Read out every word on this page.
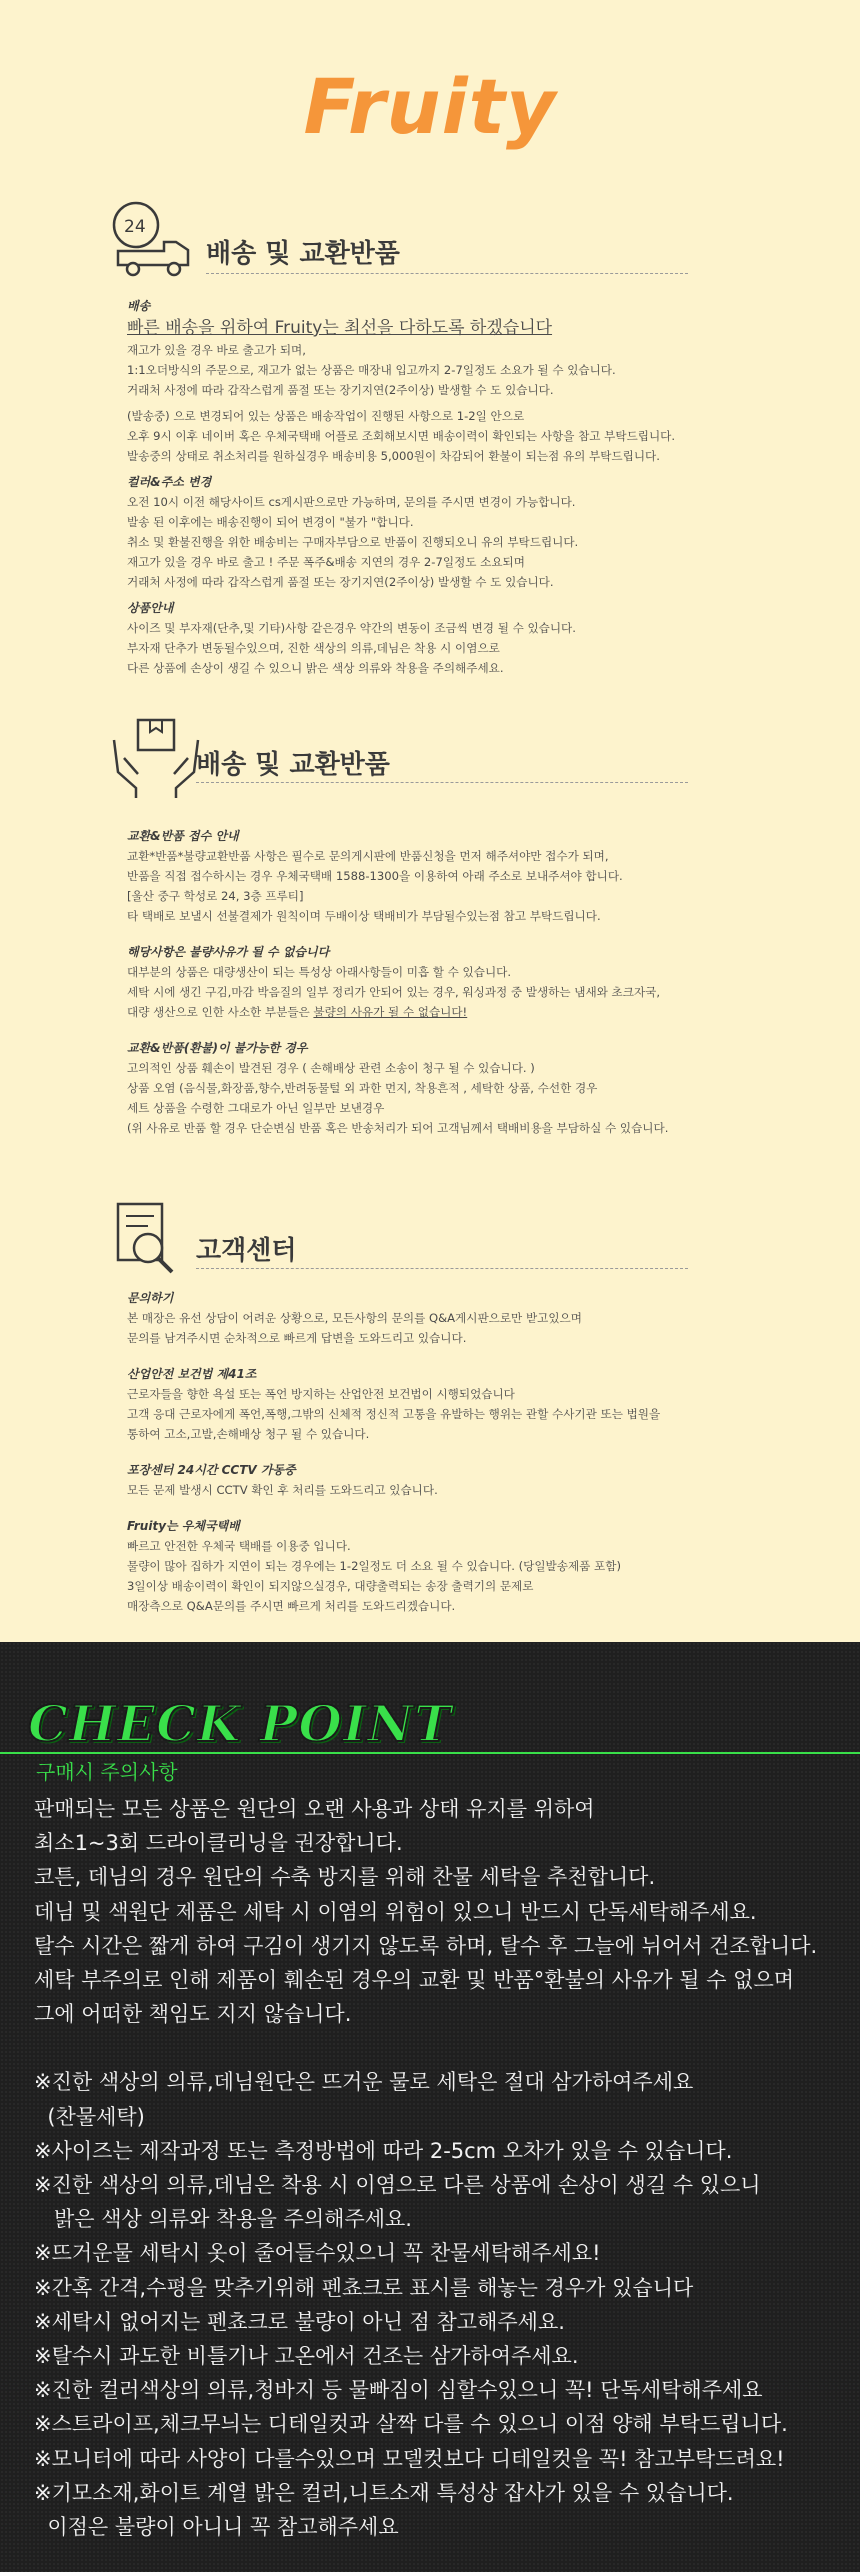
Fruity
24
배송 및 교환반품
배송

빠른 배송을 위하여 Fruity는 최선을 다하도록 하겠습니다

재고가 있을 경우 바로 출고가 되며,

1:1오더방식의 주문으로, 재고가 없는 상품은 매장내 입고까지 2-7일정도 소요가 될 수 있습니다.

거래처 사정에 따라 갑작스럽게 품절 또는 장기지연(2주이상) 발생할 수 도 있습니다.

(발송중) 으로 변경되어 있는 상품은 배송작업이 진행된 사항으로 1-2일 안으로

오후 9시 이후 네이버 혹은 우체국택배 어플로 조회해보시면 배송이력이 확인되는 사항을 참고 부탁드립니다.

발송중의 상태로 취소처리를 원하실경우 배송비용 5,000원이 차감되어 환불이 되는점 유의 부탁드립니다.

컬러&주소 변경

오전 10시 이전 해당사이트 cs게시판으로만 가능하며, 문의를 주시면 변경이 가능합니다.

발송 된 이후에는 배송진행이 되어 변경이 "불가 "합니다.

취소 및 환불진행을 위한 배송비는 구매자부담으로 반품이 진행되오니 유의 부탁드립니다.

재고가 있을 경우 바로 출고 ! 주문 폭주&배송 지연의 경우 2-7일정도 소요되며

거래처 사정에 따라 갑작스럽게 품절 또는 장기지연(2주이상) 발생할 수 도 있습니다.

상품안내

사이즈 및 부자재(단추,및 기타)사항 같은경우 약간의 변동이 조금씩 변경 될 수 있습니다.

부자재 단추가 변동될수있으며, 진한 색상의 의류,데님은 착용 시 이염으로

다른 상품에 손상이 생길 수 있으니 밝은 색상 의류와 착용을 주의해주세요.

배송 및 교환반품
교환&반품 접수 안내

교환*반품*불량교환반품 사항은 필수로 문의게시판에 반품신청을 먼저 해주셔야만 접수가 되며,

반품을 직접 접수하시는 경우 우체국택배 1588-1300을 이용하여 아래 주소로 보내주셔야 합니다.

[울산 중구 학성로 24, 3층 프루티]

타 택배로 보낼시 선불결제가 원칙이며 두배이상 택배비가 부담될수있는점 참고 부탁드립니다.

해당사항은 불량사유가 될 수 없습니다

대부분의 상품은 대량생산이 되는 특성상 아래사항들이 미흡 할 수 있습니다.

세탁 시에 생긴 구김,마감 박음질의 일부 정리가 안되어 있는 경우, 워싱과정 중 발생하는 냄새와 초크자국,

대량 생산으로 인한 사소한 부분들은 불량의 사유가 될 수 없습니다!

교환&반품(환불)이 불가능한 경우

고의적인 상품 훼손이 발견된 경우 ( 손해배상 관련 소송이 청구 될 수 있습니다. )

상품 오염 (음식물,화장품,향수,반려동물털 외 과한 먼지, 착용흔적 , 세탁한 상품, 수선한 경우

세트 상품을 수령한 그대로가 아닌 일부만 보낸경우

(위 사유로 반품 할 경우 단순변심 반품 혹은 반송처리가 되어 고객님께서 택배비용을 부담하실 수 있습니다.

고객센터
문의하기

본 매장은 유선 상담이 어려운 상황으로, 모든사항의 문의를 Q&A게시판으로만 받고있으며

문의를 남겨주시면 순차적으로 빠르게 답변을 도와드리고 있습니다.

산업안전 보건법 제41조

근로자들을 향한 욕설 또는 폭언 방지하는 산업안전 보건법이 시행되었습니다

고객 응대 근로자에게 폭언,폭행,그밖의 신체적 정신적 고통을 유발하는 행위는 관할 수사기관 또는 법원을

통하여 고소,고발,손해배상 청구 될 수 있습니다.

포장센터 24시간 CCTV 가동중

모든 문제 발생시 CCTV 확인 후 처리를 도와드리고 있습니다.

Fruity는 우체국택배

빠르고 안전한 우체국 택배를 이용중 입니다.

물량이 많아 집하가 지연이 되는 경우에는 1-2일정도 더 소요 될 수 있습니다. (당일발송제품 포함)

3일이상 배송이력이 확인이 되지않으실경우, 대량출력되는 송장 출력기의 문제로

매장측으로 Q&A문의를 주시면 빠르게 처리를 도와드리겠습니다.

CHECK POINT
구매시 주의사항

판매되는 모든 상품은 원단의 오랜 사용과 상태 유지를 위하여

최소1~3회 드라이클리닝을 권장합니다.

코튼, 데님의 경우 원단의 수축 방지를 위해 찬물 세탁을 추천합니다.

데님 및 색원단 제품은 세탁 시 이염의 위험이 있으니 반드시 단독세탁해주세요.

탈수 시간은 짧게 하여 구김이 생기지 않도록 하며, 탈수 후 그늘에 뉘어서 건조합니다.

세탁 부주의로 인해 제품이 훼손된 경우의 교환 및 반품°환불의 사유가 될 수 없으며

그에 어떠한 책임도 지지 않습니다.

※진한 색상의 의류,데님원단은 뜨거운 물로 세탁은 절대 삼가하여주세요

(찬물세탁)

※사이즈는 제작과정 또는 측정방법에 따라 2-5cm 오차가 있을 수 있습니다.

※진한 색상의 의류,데님은 착용 시 이염으로 다른 상품에 손상이 생길 수 있으니

밝은 색상 의류와 착용을 주의해주세요.

※뜨거운물 세탁시 옷이 줄어들수있으니 꼭 찬물세탁해주세요!

※간혹 간격,수평을 맞추기위해 펜쵸크로 표시를 해놓는 경우가 있습니다

※세탁시 없어지는 펜쵸크로 불량이 아닌 점 참고해주세요.

※탈수시 과도한 비틀기나 고온에서 건조는 삼가하여주세요.

※진한 컬러색상의 의류,청바지 등 물빠짐이 심할수있으니 꼭! 단독세탁해주세요

※스트라이프,체크무늬는 디테일컷과 살짝 다를 수 있으니 이점 양해 부탁드립니다.

※모니터에 따라 사양이 다를수있으며 모델컷보다 디테일컷을 꼭! 참고부탁드려요!

※기모소재,화이트 계열 밝은 컬러,니트소재 특성상 잡사가 있을 수 있습니다.

이점은 불량이 아니니 꼭 참고해주세요
